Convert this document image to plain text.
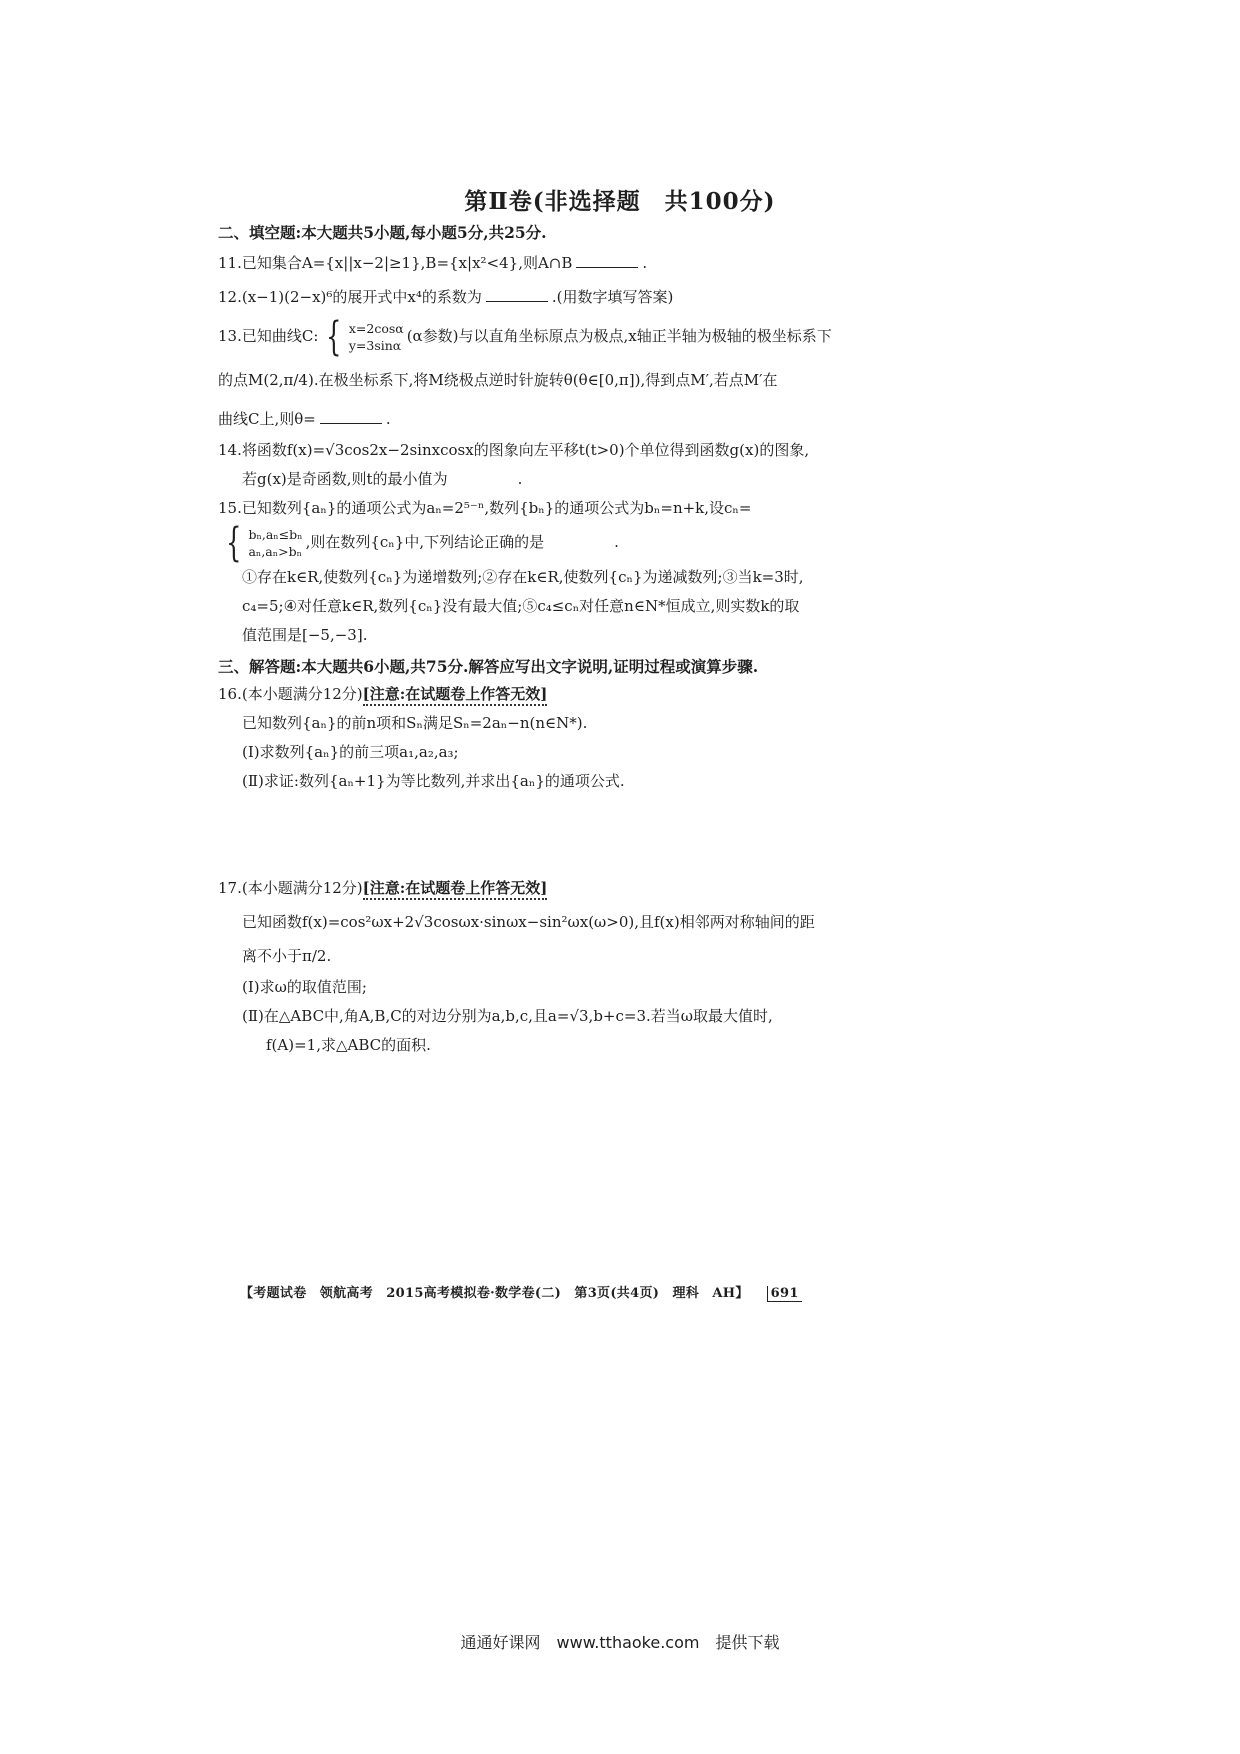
第Ⅱ卷(非选择题　共100分)
二、填空题:本大题共5小题,每小题5分,共25分.
11.已知集合A={x||x−2|≥1},B={x|x²<4},则A∩B	.
12.(x−1)(2−x)⁶的展开式中x⁴的系数为	.(用数字填写答案)
13.已知曲线C: { x=2cosα
y=3sinα
(α参数)与以直角坐标原点为极点,x轴正半轴为极轴的极坐标系下
的点M(2,π/4).在极坐标系下,将M绕极点逆时针旋转θ(θ∈[0,π]),得到点M′,若点M′在
曲线C上,则θ=	.
14.将函数f(x)=√3cos2x−2sinxcosx的图象向左平移t(t>0)个单位得到函数g(x)的图象,
若g(x)是奇函数,则t的最小值为	.
15.已知数列{aₙ}的通项公式为aₙ=2⁵⁻ⁿ,数列{bₙ}的通项公式为bₙ=n+k,设cₙ=
{ bₙ,aₙ≤bₙ
aₙ,aₙ>bₙ
,则在数列{cₙ}中,下列结论正确的是	.
①存在k∈R,使数列{cₙ}为递增数列;②存在k∈R,使数列{cₙ}为递减数列;③当k=3时,
c₄=5;④对任意k∈R,数列{cₙ}没有最大值;⑤c₄≤cₙ对任意n∈N*恒成立,则实数k的取
值范围是[−5,−3].
三、解答题:本大题共6小题,共75分.解答应写出文字说明,证明过程或演算步骤.
16.(本小题满分12分)[注意:在试题卷上作答无效]
已知数列{aₙ}的前n项和Sₙ满足Sₙ=2aₙ−n(n∈N*).
(Ⅰ)求数列{aₙ}的前三项a₁,a₂,a₃;
(Ⅱ)求证:数列{aₙ+1}为等比数列,并求出{aₙ}的通项公式.
17.(本小题满分12分)[注意:在试题卷上作答无效]
已知函数f(x)=cos²ωx+2√3cosωx·sinωx−sin²ωx(ω>0),且f(x)相邻两对称轴间的距
离不小于π/2.
(Ⅰ)求ω的取值范围;
(Ⅱ)在△ABC中,角A,B,C的对边分别为a,b,c,且a=√3,b+c=3.若当ω取最大值时,
f(A)=1,求△ABC的面积.
【考题试卷　领航高考　2015高考模拟卷·数学卷(二)　第3页(共4页)　理科　AH】 691
通通好课网　www.tthaoke.com　提供下载
